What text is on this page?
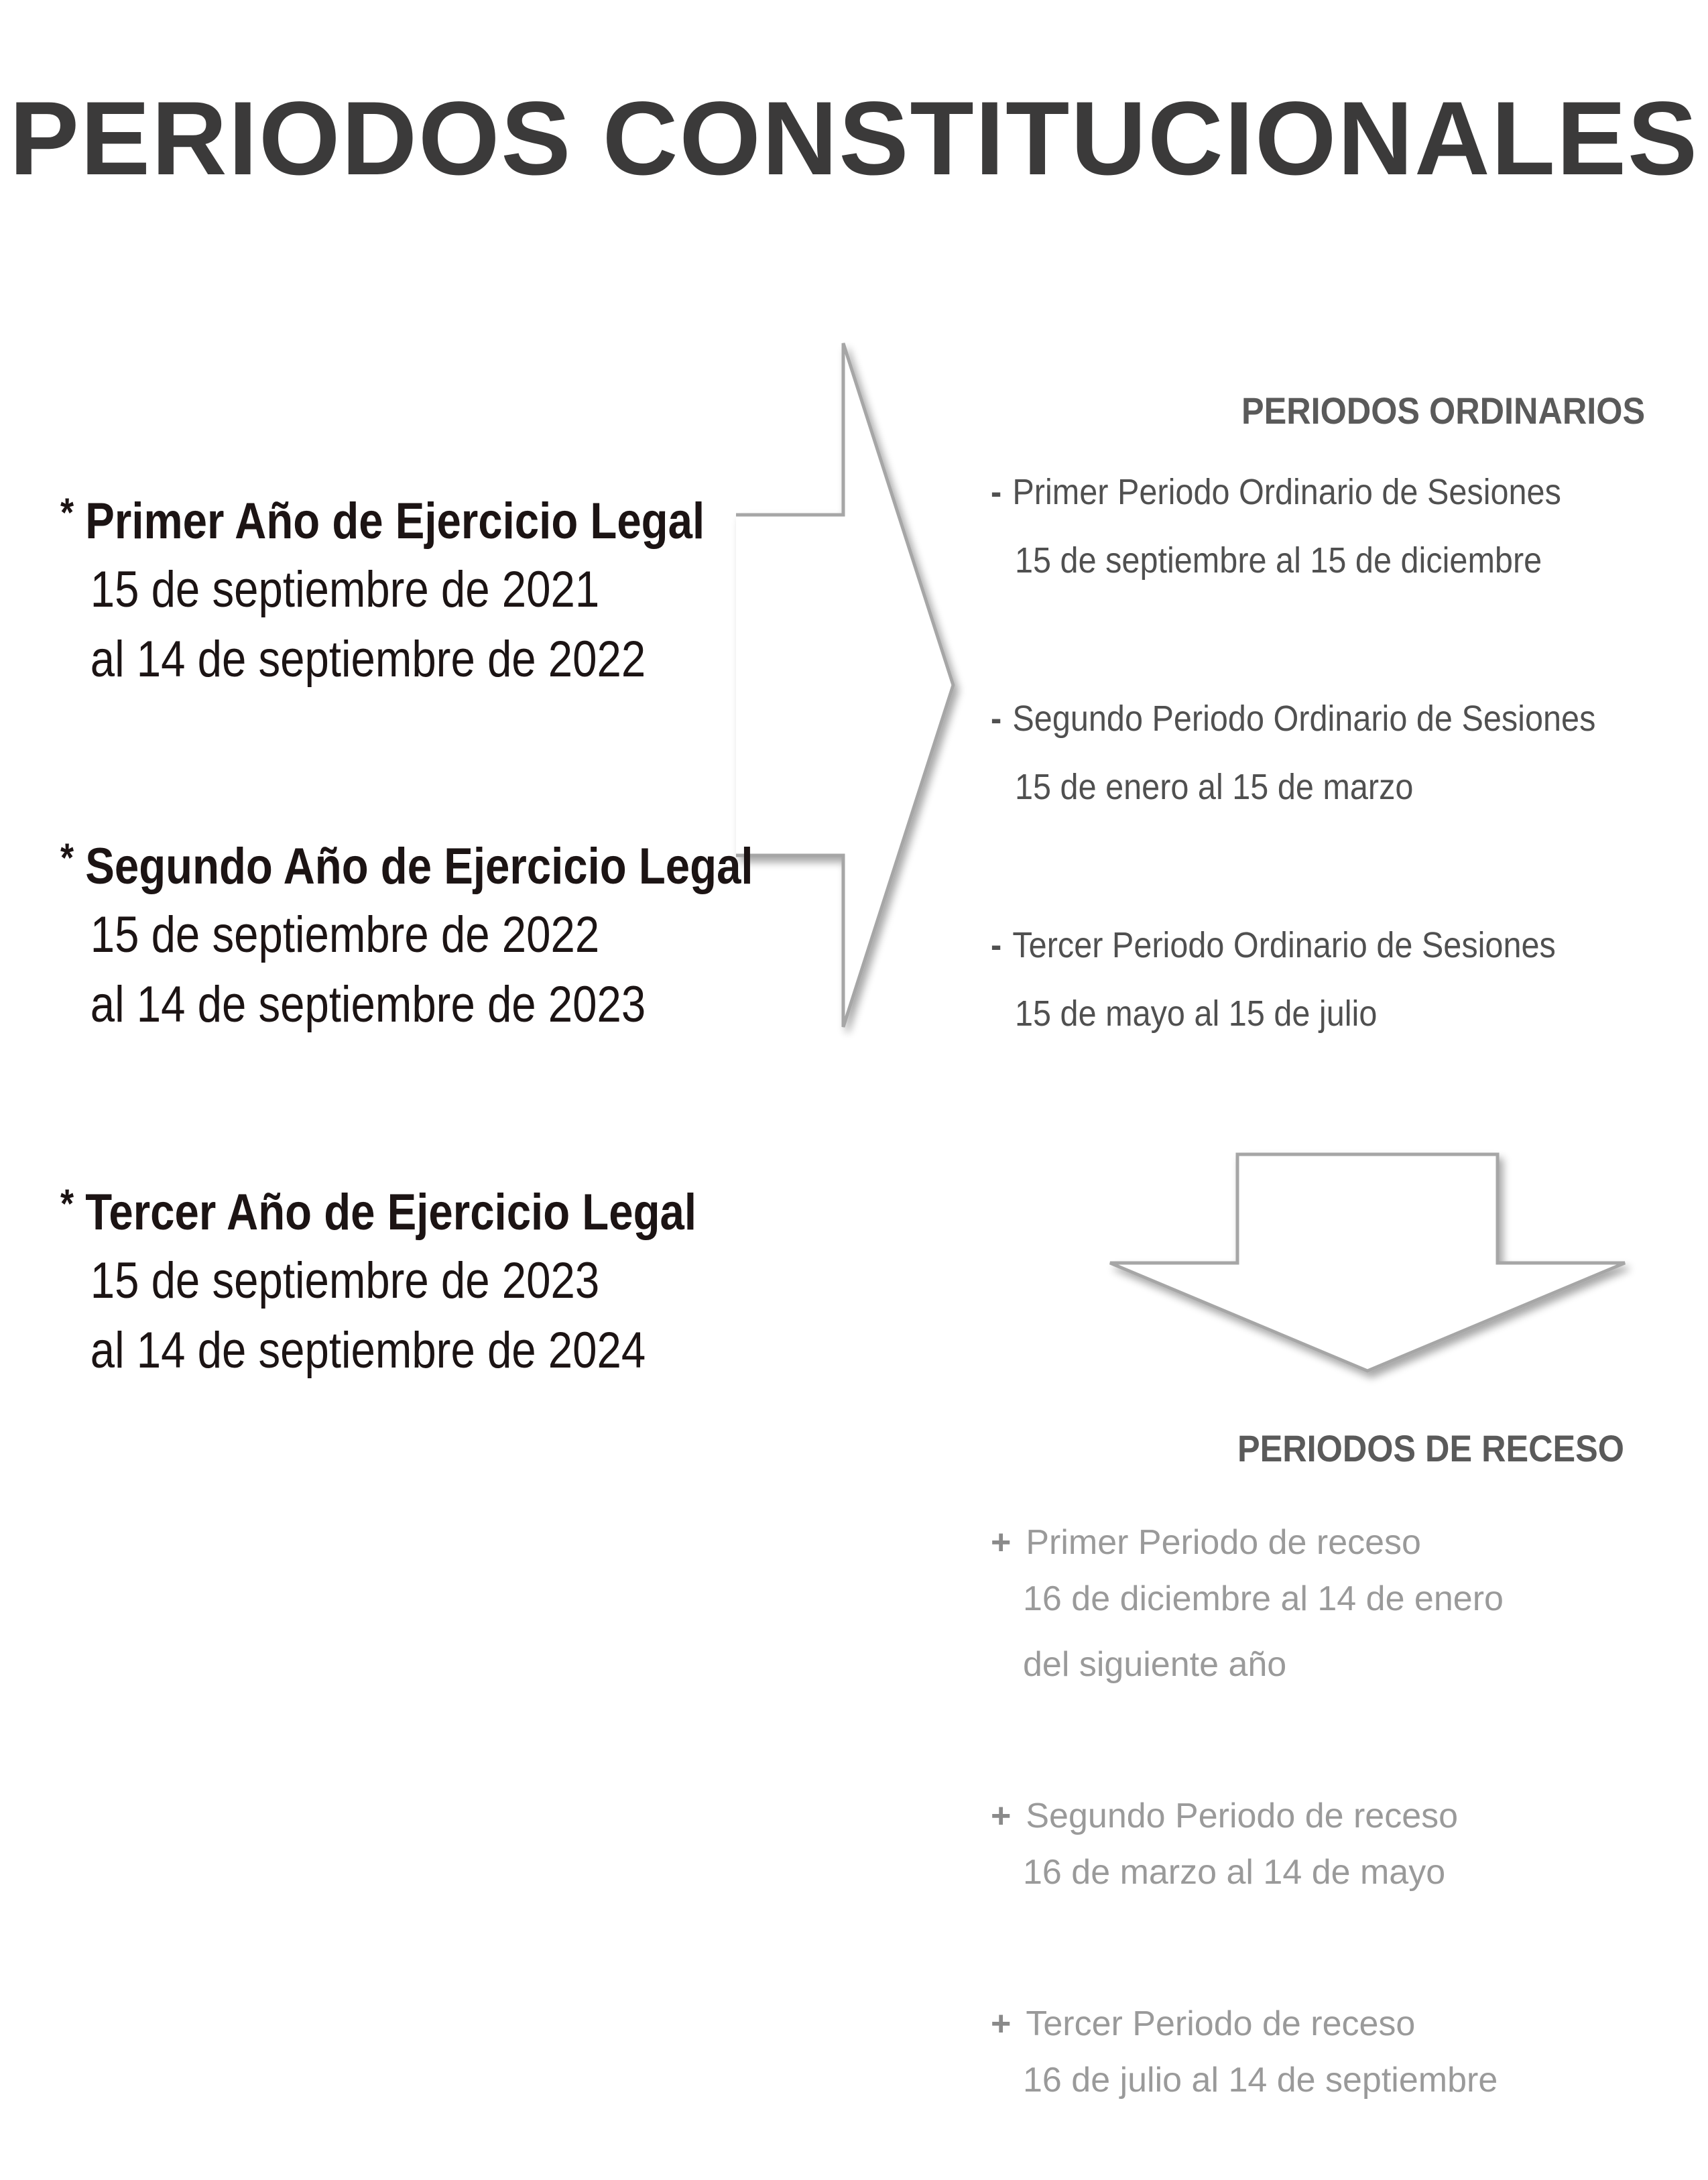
PERIODOS CONSTITUCIONALES
* Primer Año de Ejercicio Legal
15 de septiembre de 2021
al 14 de septiembre de 2022
* Segundo Año de Ejercicio Legal
15 de septiembre de 2022
al 14 de septiembre de 2023
* Tercer Año de Ejercicio Legal
15 de septiembre de 2023
al 14 de septiembre de 2024
PERIODOS ORDINARIOS
- Primer Periodo Ordinario de Sesiones
15 de septiembre al 15 de diciembre
- Segundo Periodo Ordinario de Sesiones
15 de enero al 15 de marzo
- Tercer Periodo Ordinario de Sesiones
15 de mayo al 15 de julio
PERIODOS DE RECESO
+ Primer Periodo de receso
16 de diciembre al 14 de enero
del siguiente año
+ Segundo Periodo de receso
16 de marzo al 14 de mayo
+ Tercer Periodo de receso
16 de julio al 14 de septiembre
